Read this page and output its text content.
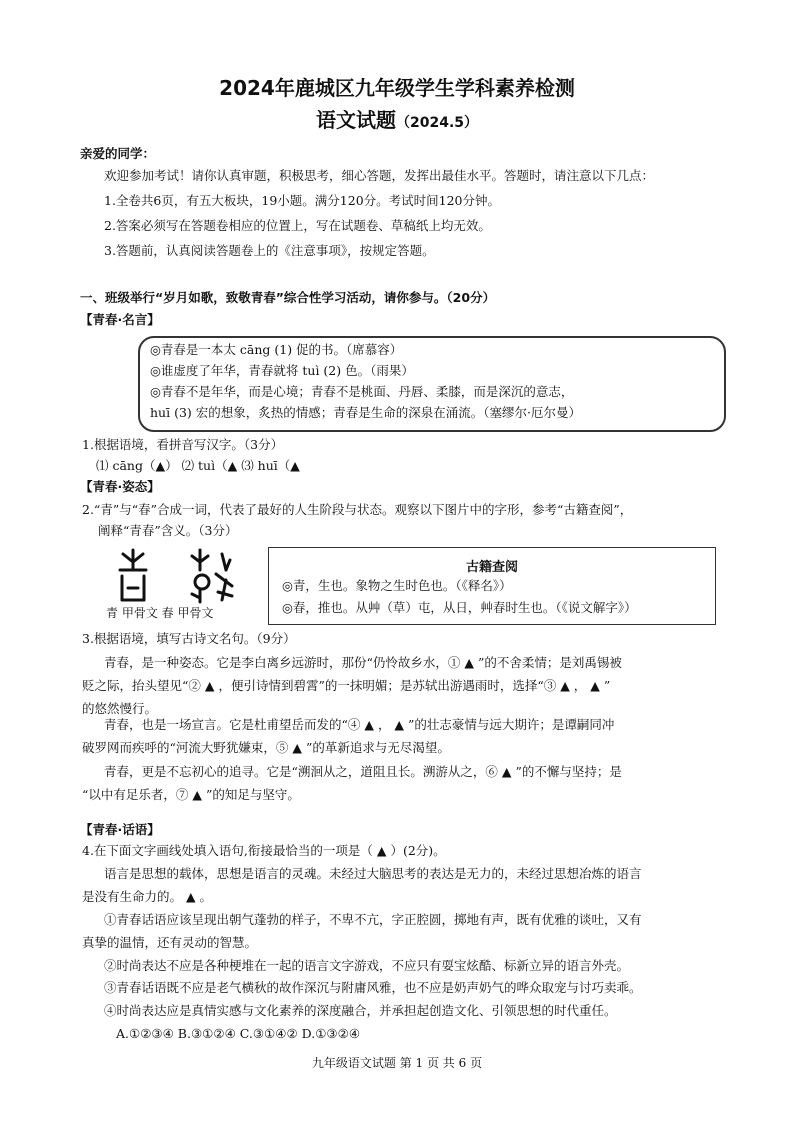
2024年鹿城区九年级学生学科素养检测
语文试题（2024.5）
亲爱的同学：
欢迎参加考试！请你认真审题，积极思考，细心答题，发挥出最佳水平。答题时，请注意以下几点：
1.全卷共6页，有五大板块，19小题。满分120分。考试时间120分钟。
2.答案必须写在答题卷相应的位置上，写在试题卷、草稿纸上均无效。
3.答题前，认真阅读答题卷上的《注意事项》，按规定答题。
一、班级举行“岁月如歌，致敬青春”综合性学习活动，请你参与。（20分）
【青春·名言】
◎青春是一本太 cāng (1) 促的书。（席慕容）
◎谁虚度了年华，青春就将 tuì (2) 色。（雨果）
◎青春不是年华，而是心境；青春不是桃面、丹唇、柔膝，而是深沉的意志，
huī (3) 宏的想象，炙热的情感；青春是生命的深泉在涌流。（塞缪尔·厄尔曼）
1.根据语境，看拼音写汉字。（3分）
⑴ cāng（▲） ⑵ tuì（▲ ⑶ huī（▲
【青春·姿态】
2.“青”与“春”合成一词，代表了最好的人生阶段与状态。观察以下图片中的字形，参考“古籍查阅”，
阐释“青春”含义。（3分）
青 甲骨文 春 甲骨文
古籍查阅
◎青，生也。象物之生时色也。（《释名》）
◎春，推也。从艸（草）屯，从日，艸春时生也。（《说文解字》）
3.根据语境，填写古诗文名句。（9分）
青春，是一种姿态。它是李白离乡远游时，那份“仍怜故乡水，① ▲ ”的不舍柔情；是刘禹锡被
贬之际，抬头望见“② ▲ ，便引诗情到碧霄”的一抹明媚；是苏轼出游遇雨时，选择“③ ▲ ， ▲ ”
的悠然慢行。
青春，也是一场宣言。它是杜甫望岳而发的“④ ▲ ， ▲ ”的壮志豪情与远大期许；是谭嗣同冲
破罗网而疾呼的“河流大野犹嫌束，⑤ ▲ ”的革新追求与无尽渴望。
青春，更是不忘初心的追寻。它是“溯洄从之，道阻且长。溯游从之，⑥ ▲ ”的不懈与坚持；是
“以中有足乐者，⑦ ▲ ”的知足与坚守。
【青春·话语】
4.在下面文字画线处填入语句,衔接最恰当的一项是（ ▲ ）(2分)。
语言是思想的载体，思想是语言的灵魂。未经过大脑思考的表达是无力的，未经过思想冶炼的语言
是没有生命力的。 ▲ 。
①青春话语应该呈现出朝气蓬勃的样子，不卑不亢，字正腔圆，掷地有声，既有优雅的谈吐，又有
真挚的温情，还有灵动的智慧。
②时尚表达不应是各种梗堆在一起的语言文字游戏，不应只有耍宝炫酷、标新立异的语言外壳。
③青春话语既不应是老气横秋的故作深沉与附庸风雅，也不应是奶声奶气的哗众取宠与讨巧卖乖。
④时尚表达应是真情实感与文化素养的深度融合，并承担起创造文化、引领思想的时代重任。
A.①②③④ B.③①②④ C.③①④② D.①③②④
九年级语文试题 第 1 页 共 6 页
